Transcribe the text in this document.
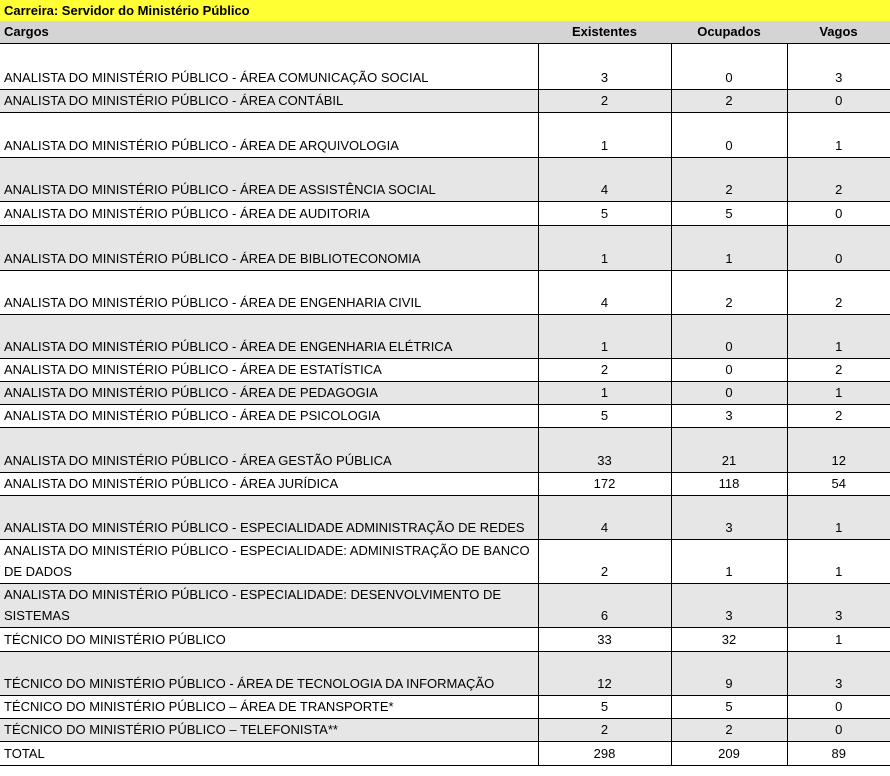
Carreira: Servidor do Ministério Público
Cargos	Existentes	Ocupados	Vagos
ANALISTA DO MINISTÉRIO PÚBLICO - ÁREA COMUNICAÇÃO SOCIAL	3	0	3
ANALISTA DO MINISTÉRIO PÚBLICO - ÁREA CONTÁBIL	2	2	0
ANALISTA DO MINISTÉRIO PÚBLICO - ÁREA DE ARQUIVOLOGIA	1	0	1
ANALISTA DO MINISTÉRIO PÚBLICO - ÁREA DE ASSISTÊNCIA SOCIAL	4	2	2
ANALISTA DO MINISTÉRIO PÚBLICO - ÁREA DE AUDITORIA	5	5	0
ANALISTA DO MINISTÉRIO PÚBLICO - ÁREA DE BIBLIOTECONOMIA	1	1	0
ANALISTA DO MINISTÉRIO PÚBLICO - ÁREA DE ENGENHARIA CIVIL	4	2	2
ANALISTA DO MINISTÉRIO PÚBLICO - ÁREA DE ENGENHARIA ELÉTRICA	1	0	1
ANALISTA DO MINISTÉRIO PÚBLICO - ÁREA DE ESTATÍSTICA	2	0	2
ANALISTA DO MINISTÉRIO PÚBLICO - ÁREA DE PEDAGOGIA	1	0	1
ANALISTA DO MINISTÉRIO PÚBLICO - ÁREA DE PSICOLOGIA	5	3	2
ANALISTA DO MINISTÉRIO PÚBLICO - ÁREA GESTÃO PÚBLICA	33	21	12
ANALISTA DO MINISTÉRIO PÚBLICO - ÁREA JURÍDICA	172	118	54
ANALISTA DO MINISTÉRIO PÚBLICO - ESPECIALIDADE ADMINISTRAÇÃO DE REDES	4	3	1
ANALISTA DO MINISTÉRIO PÚBLICO - ESPECIALIDADE: ADMINISTRAÇÃO DE BANCO DE DADOS	2	1	1
ANALISTA DO MINISTÉRIO PÚBLICO - ESPECIALIDADE: DESENVOLVIMENTO DE SISTEMAS	6	3	3
TÉCNICO DO MINISTÉRIO PÚBLICO	33	32	1
TÉCNICO DO MINISTÉRIO PÚBLICO - ÁREA DE TECNOLOGIA DA INFORMAÇÃO	12	9	3
TÉCNICO DO MINISTÉRIO PÚBLICO – ÁREA DE TRANSPORTE*	5	5	0
TÉCNICO DO MINISTÉRIO PÚBLICO – TELEFONISTA**	2	2	0
TOTAL	298	209	89
